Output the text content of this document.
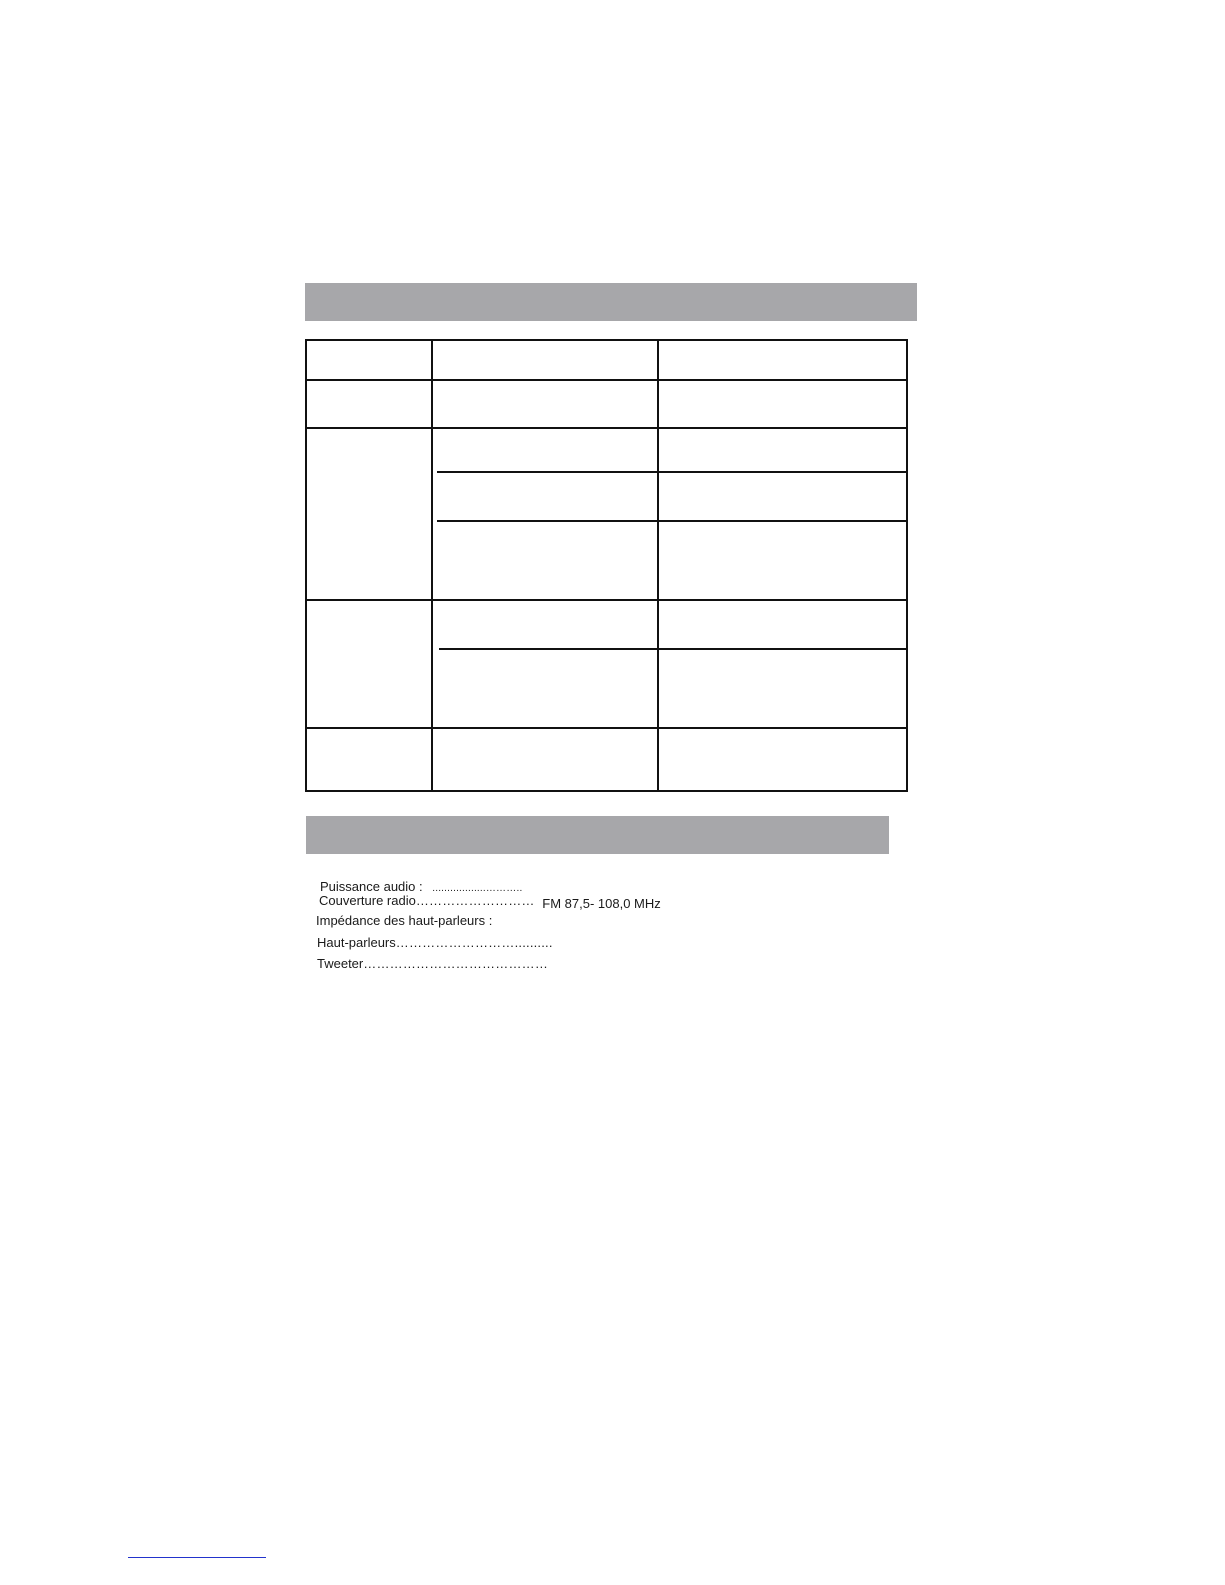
Puissance audio : ..................………..
Couverture radio……………………… FM 87,5- 108,0 MHz
Impédance des haut-parleurs :
Haut-parleurs………………………..........
Tweeter……………………………………
